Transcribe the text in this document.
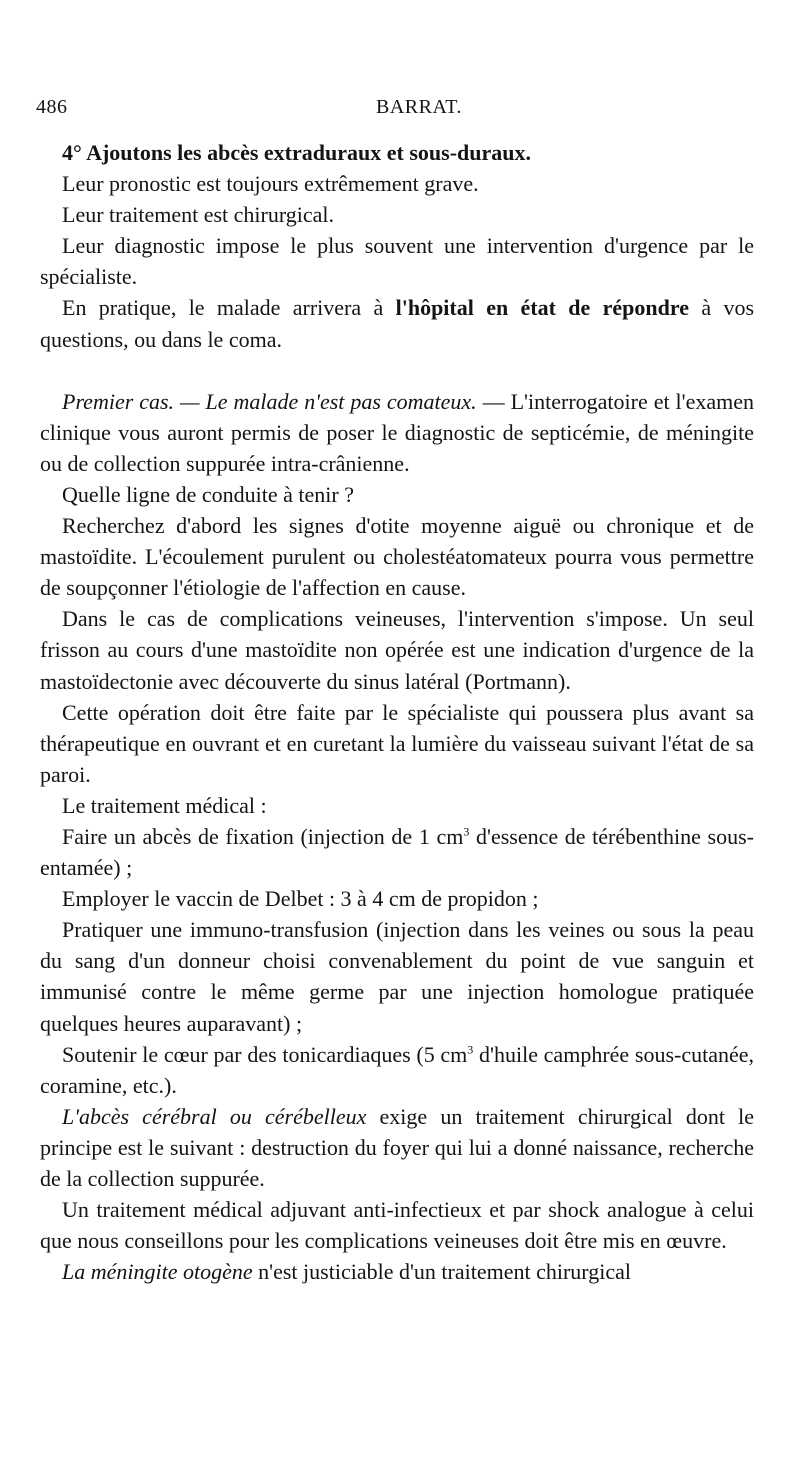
486	BARRAT.

4° Ajoutons les abcès extraduraux et sous-duraux.

Leur pronostic est toujours extrêmement grave.

Leur traitement est chirurgical.

Leur diagnostic impose le plus souvent une intervention d'urgence par le spécialiste.

En pratique, le malade arrivera à l'hôpital en état de répondre à vos questions, ou dans le coma.

Premier cas. — Le malade n'est pas comateux. — L'interrogatoire et l'examen clinique vous auront permis de poser le diagnostic de septicémie, de méningite ou de collection suppurée intra-crânienne.

Quelle ligne de conduite à tenir ?

Recherchez d'abord les signes d'otite moyenne aiguë ou chronique et de mastoïdite. L'écoulement purulent ou cholestéatomateux pourra vous permettre de soupçonner l'étiologie de l'affection en cause.

Dans le cas de complications veineuses, l'intervention s'impose. Un seul frisson au cours d'une mastoïdite non opérée est une indication d'urgence de la mastoïdectonie avec découverte du sinus latéral (Portmann).

Cette opération doit être faite par le spécialiste qui poussera plus avant sa thérapeutique en ouvrant et en curetant la lumière du vaisseau suivant l'état de sa paroi.

Le traitement médical :

Faire un abcès de fixation (injection de 1 $cm^3$ d'essence de térébenthine sous-entamée) ;

Employer le vaccin de Delbet : 3 à 4 cm de propidon ;

Pratiquer une immuno-transfusion (injection dans les veines ou sous la peau du sang d'un donneur choisi convenablement du point de vue sanguin et immunisé contre le même germe par une injection homologue pratiquée quelques heures auparavant) ;

Soutenir le cœur par des tonicardiaques (5 $cm^3$ d'huile camphrée sous-cutanée, coramine, etc.).

L'abcès cérébral ou cérébelleux exige un traitement chirurgical dont le principe est le suivant : destruction du foyer qui lui a donné naissance, recherche de la collection suppurée.

Un traitement médical adjuvant anti-infectieux et par shock analogue à celui que nous conseillons pour les complications veineuses doit être mis en œuvre.

La méningite otogène n'est justiciable d'un traitement chirurgical
